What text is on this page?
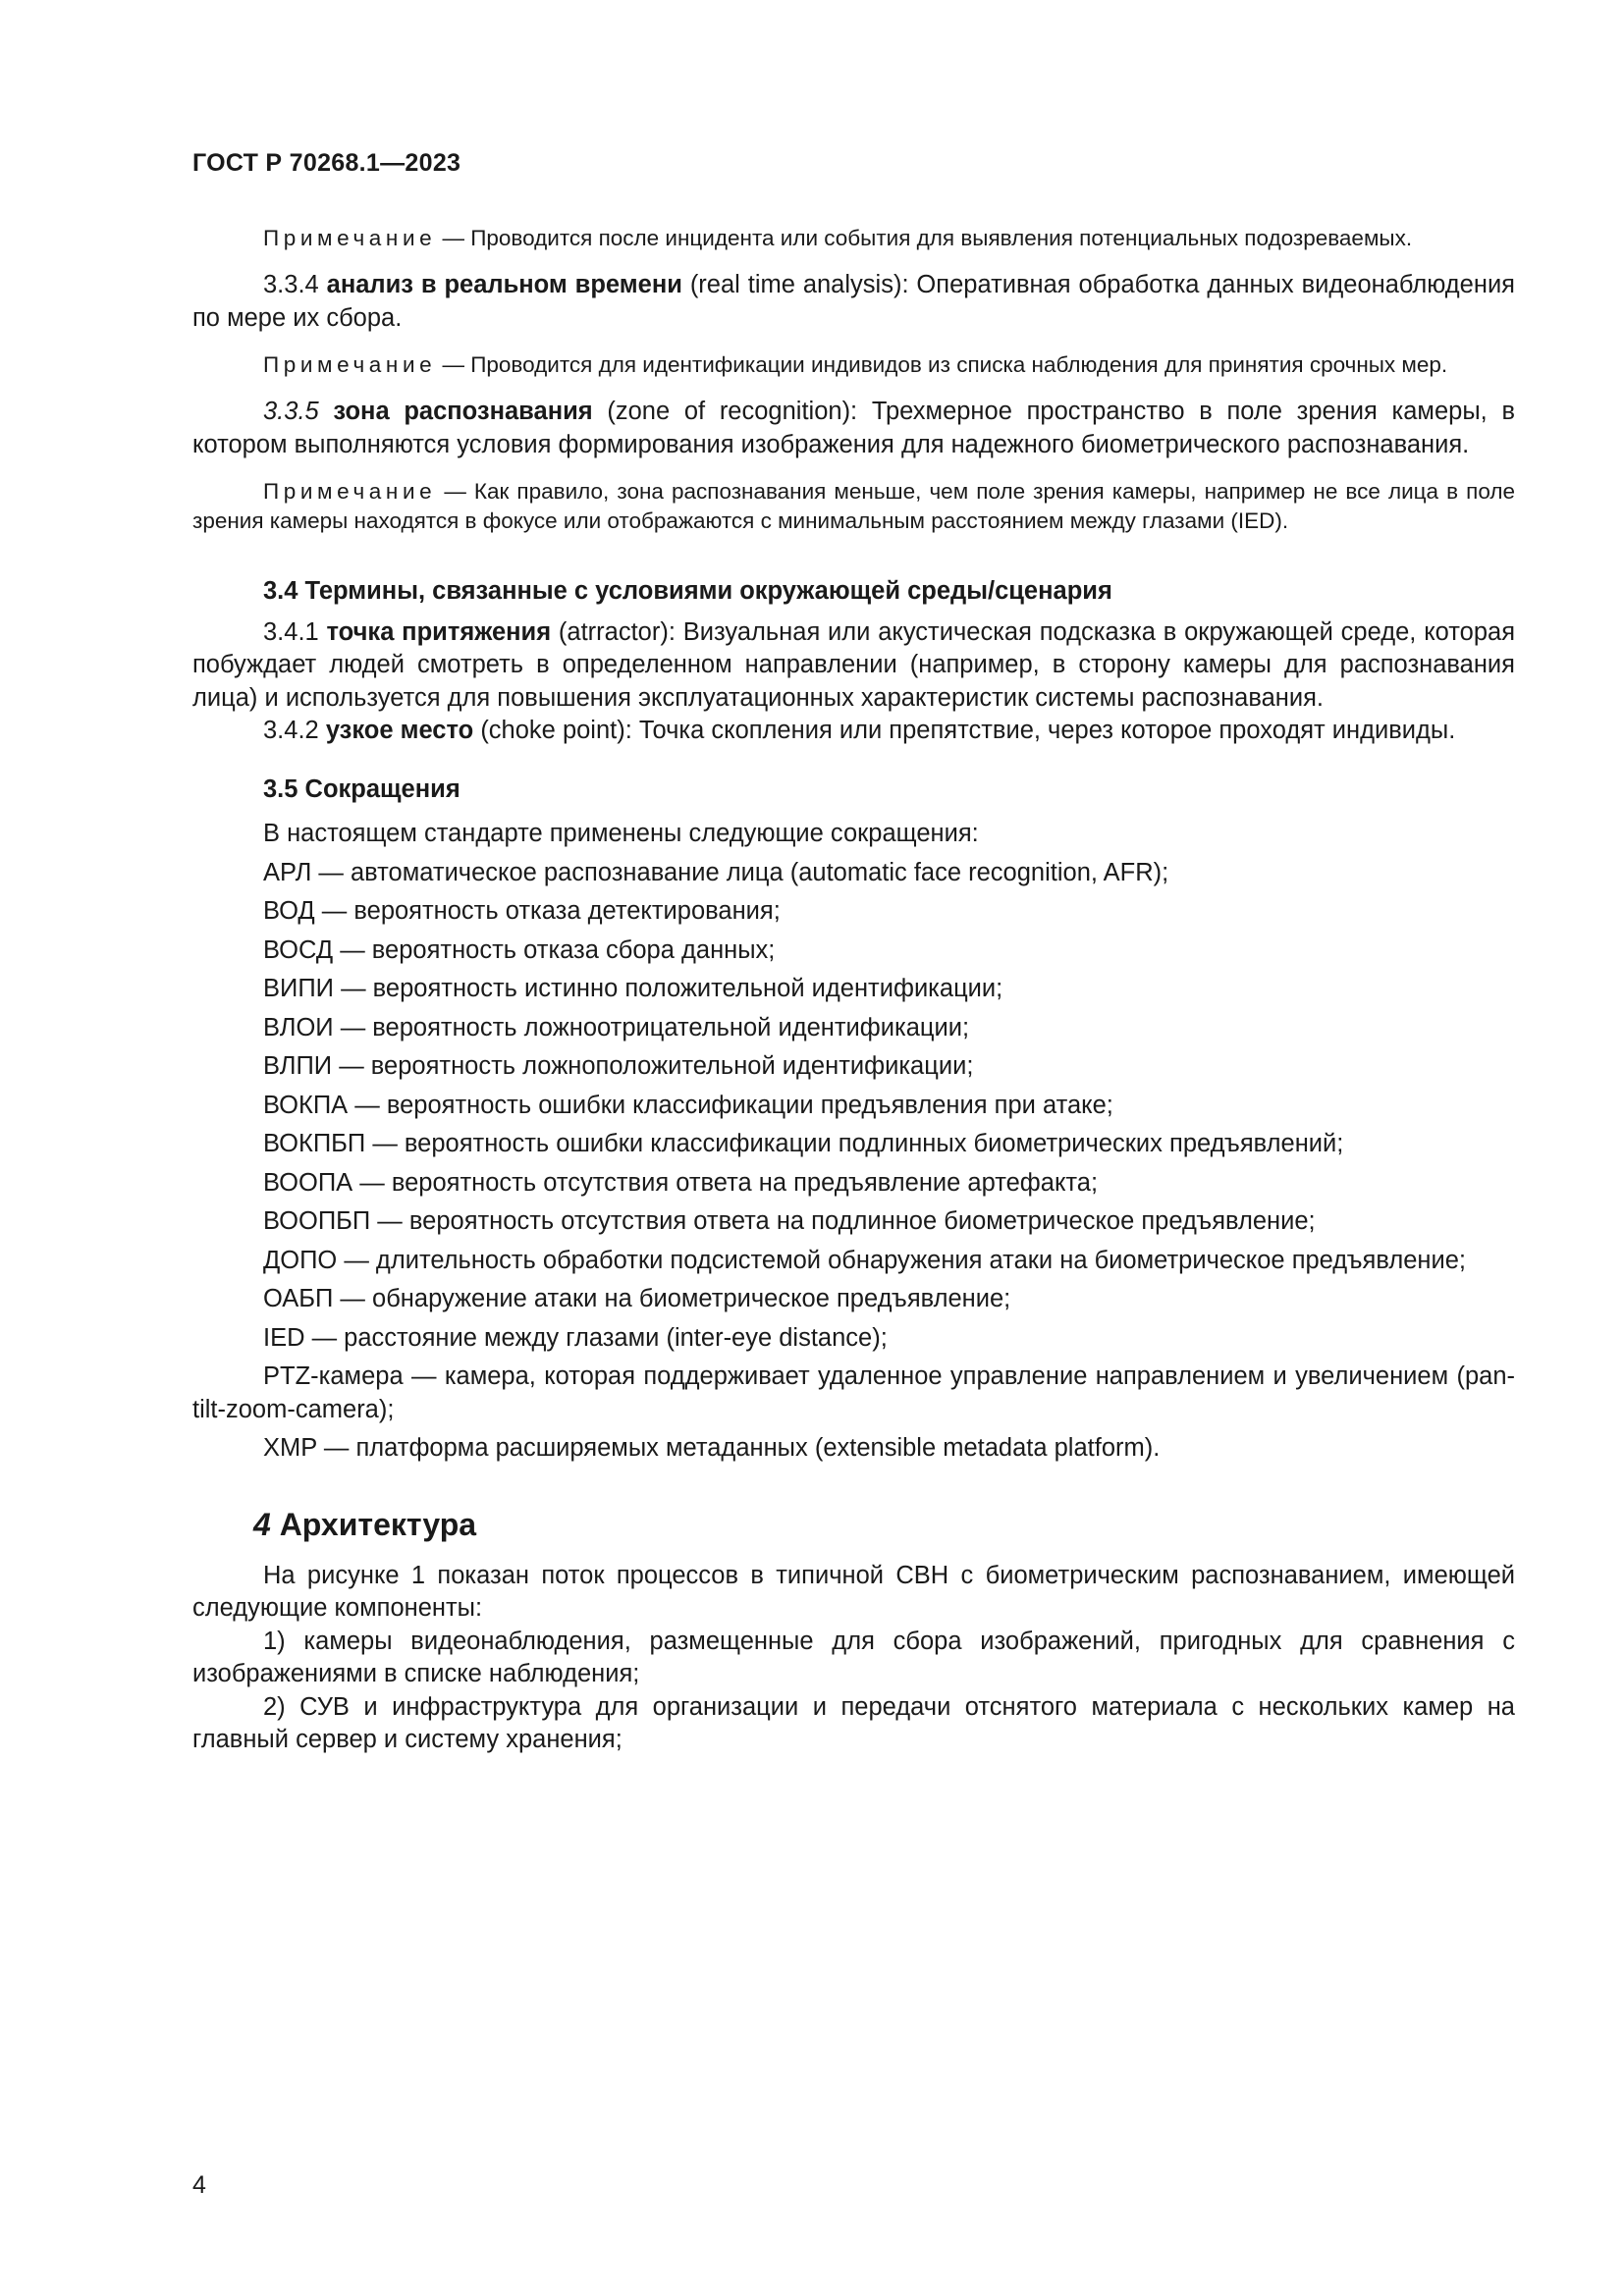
ГОСТ Р 70268.1—2023

Примечание — Проводится после инцидента или события для выявления потенциальных подозреваемых.

3.3.4 анализ в реальном времени (real time analysis): Оперативная обработка данных видеонаблюдения по мере их сбора.

Примечание — Проводится для идентификации индивидов из списка наблюдения для принятия срочных мер.

3.3.5 зона распознавания (zone of recognition): Трехмерное пространство в поле зрения камеры, в котором выполняются условия формирования изображения для надежного биометрического распознавания.

Примечание — Как правило, зона распознавания меньше, чем поле зрения камеры, например не все лица в поле зрения камеры находятся в фокусе или отображаются с минимальным расстоянием между глазами (IED).

3.4 Термины, связанные с условиями окружающей среды/сценария

3.4.1 точка притяжения (atrractor): Визуальная или акустическая подсказка в окружающей среде, которая побуждает людей смотреть в определенном направлении (например, в сторону камеры для распознавания лица) и используется для повышения эксплуатационных характеристик системы распознавания.

3.4.2 узкое место (choke point): Точка скопления или препятствие, через которое проходят индивиды.

3.5 Сокращения

В настоящем стандарте применены следующие сокращения:

АРЛ — автоматическое распознавание лица (automatic face recognition, AFR);

ВОД — вероятность отказа детектирования;

ВОСД — вероятность отказа сбора данных;

ВИПИ — вероятность истинно положительной идентификации;

ВЛОИ — вероятность ложноотрицательной идентификации;

ВЛПИ — вероятность ложноположительной идентификации;

ВОКПА — вероятность ошибки классификации предъявления при атаке;

ВОКПБП — вероятность ошибки классификации подлинных биометрических предъявлений;

ВООПА — вероятность отсутствия ответа на предъявление артефакта;

ВООПБП — вероятность отсутствия ответа на подлинное биометрическое предъявление;

ДОПО — длительность обработки подсистемой обнаружения атаки на биометрическое предъявление;

ОАБП — обнаружение атаки на биометрическое предъявление;

IED — расстояние между глазами (inter-eye distance);

PTZ-камера — камера, которая поддерживает удаленное управление направлением и увеличением (pan-tilt-zoom-camera);

XMP — платформа расширяемых метаданных (extensible metadata platform).

4 Архитектура

На рисунке 1 показан поток процессов в типичной СВН с биометрическим распознаванием, имеющей следующие компоненты:

1) камеры видеонаблюдения, размещенные для сбора изображений, пригодных для сравнения с изображениями в списке наблюдения;

2) СУВ и инфраструктура для организации и передачи отснятого материала с нескольких камер на главный сервер и систему хранения;

4
